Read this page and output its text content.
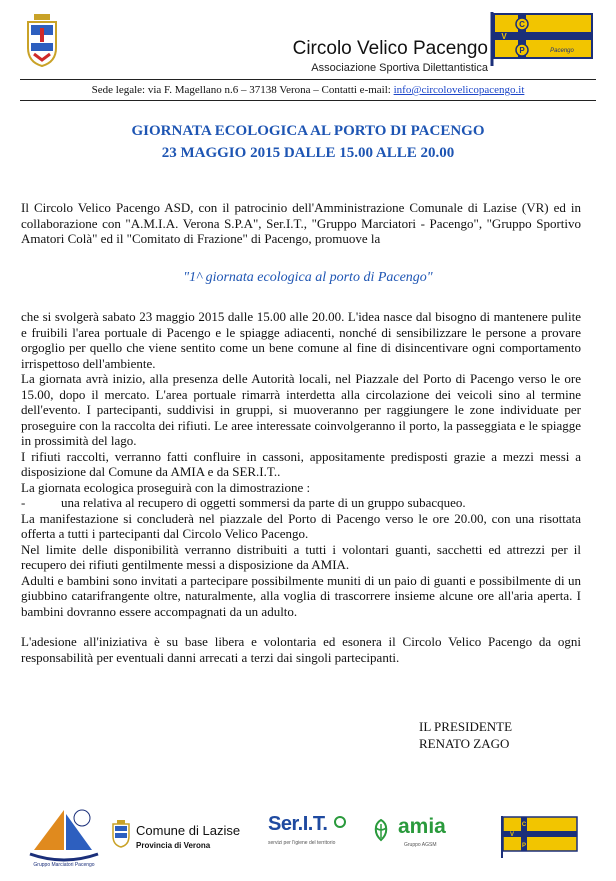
Circolo Velico Pacengo
Associazione Sportiva Dilettantistica
C
V
P	Pacengo
Sede legale: via F. Magellano n.6 – 37138 Verona – Contatti e-mail: info@circolovelicopacengo.it
GIORNATA ECOLOGICA AL PORTO DI PACENGO
23 MAGGIO 2015 DALLE 15.00 ALLE 20.00

Il Circolo Velico Pacengo ASD, con il patrocinio dell'Amministrazione Comunale di Lazise (VR) ed in collaborazione con "A.M.I.A. Verona S.P.A", Ser.I.T., "Gruppo Marciatori - Pacengo", "Gruppo Sportivo Amatori Colà" ed il "Comitato di Frazione" di Pacengo, promuove la

"1^ giornata ecologica al porto di Pacengo"

che si svolgerà sabato 23 maggio 2015 dalle 15.00 alle 20.00. L'idea nasce dal bisogno di mantenere pulite e fruibili l'area portuale di Pacengo e le spiagge adiacenti, nonché di sensibilizzare le persone a provare orgoglio per quello che viene sentito come un bene comune al fine di disincentivare ogni comportamento irrispettoso dell'ambiente.

La giornata avrà inizio, alla presenza delle Autorità locali, nel Piazzale del Porto di Pacengo verso le ore 15.00, dopo il mercato. L'area portuale rimarrà interdetta alla circolazione dei veicoli sino al termine dell'evento. I partecipanti, suddivisi in gruppi, si muoveranno per raggiungere le zone individuate per proseguire con la raccolta dei rifiuti. Le aree interessate coinvolgeranno il porto, la passeggiata e le spiagge in prossimità del lago.

I rifiuti raccolti, verranno fatti confluire in cassoni, appositamente predisposti grazie a mezzi messi a disposizione dal Comune da AMIA e da SER.I.T..

La giornata ecologica proseguirà con la dimostrazione :

-	una relativa al recupero di oggetti sommersi da parte di un gruppo subacqueo.

La manifestazione si concluderà nel piazzale del Porto di Pacengo verso le ore 20.00, con una risottata offerta a tutti i partecipanti dal Circolo Velico Pacengo.

Nel limite delle disponibilità verranno distribuiti a tutti i volontari guanti, sacchetti ed attrezzi per il recupero dei rifiuti gentilmente messi a disposizione da AMIA.

Adulti e bambini sono invitati a partecipare possibilmente muniti di un paio di guanti e possibilmente di un giubbino catarifrangente oltre, naturalmente, alla voglia di trascorrere insieme alcune ore all'aria aperta. I bambini dovranno essere accompagnati da un adulto.

L'adesione all'iniziativa è su base libera e volontaria ed esonera il Circolo Velico Pacengo da ogni responsabilità per eventuali danni arrecati a terzi dai singoli partecipanti.

IL PRESIDENTE
RENATO ZAGO
Gruppo Marciatori Pacengo
Comune di Lazise
Provincia di Verona
Ser.I.T.
servizi per l'igiene del territorio
amia
Gruppo AGSM
C
V
P
